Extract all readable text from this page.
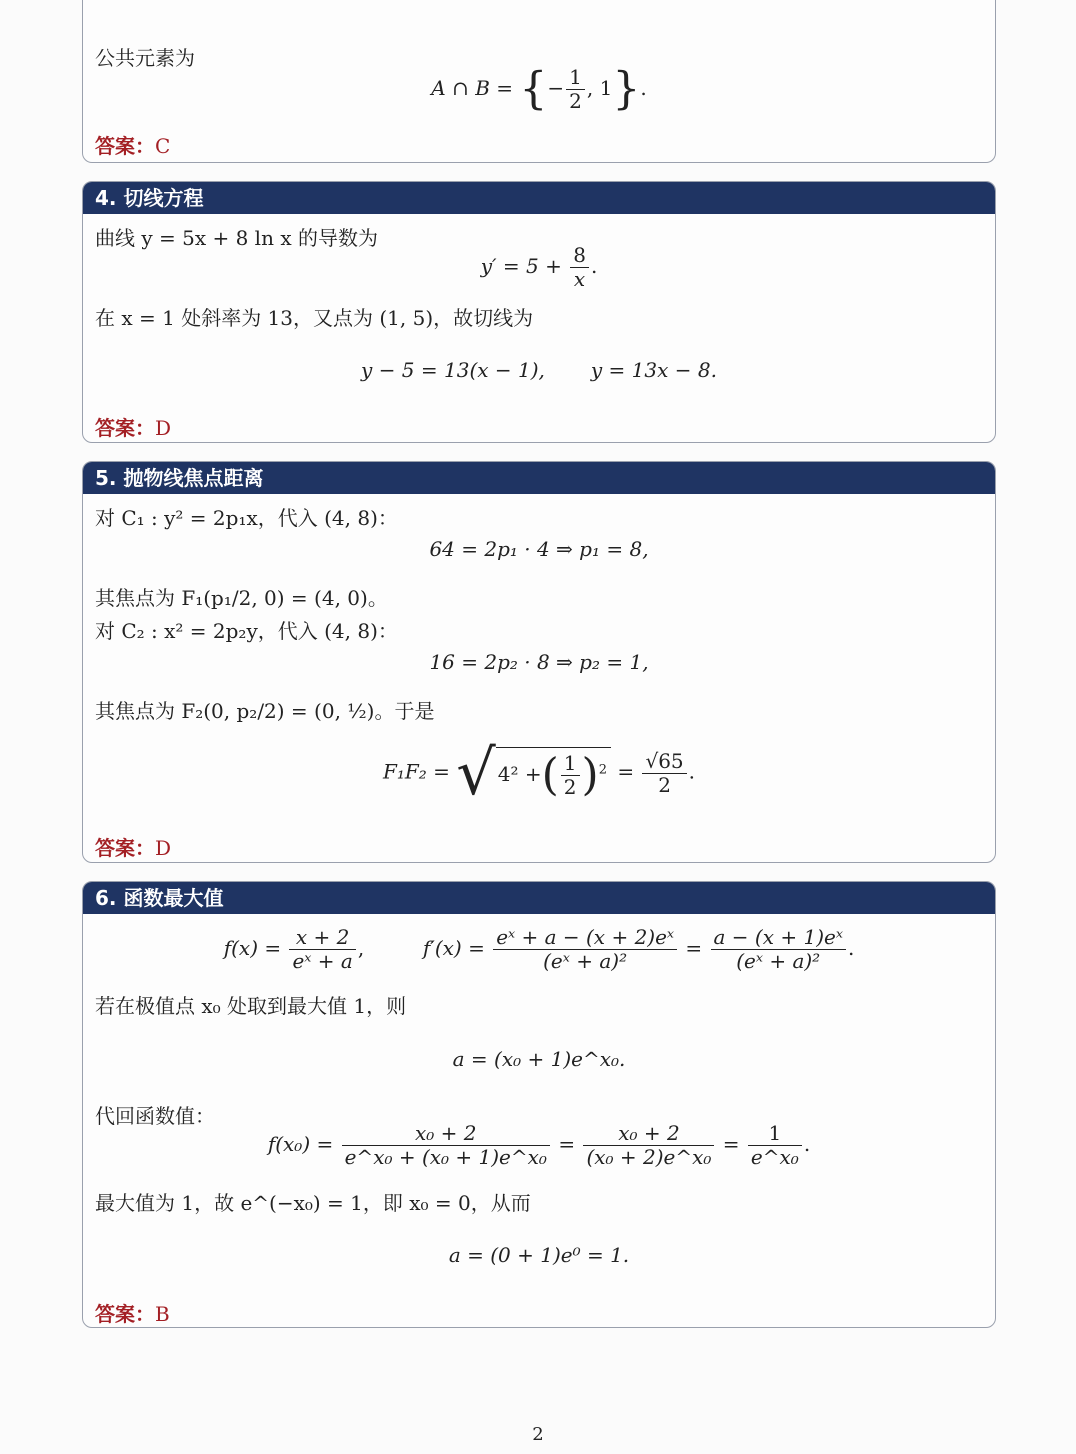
公共元素为
A ∩ B = {− $\frac{1}{2}$ , 1}.
答案：C
4. 切线方程
曲线 y = 5x + 8 ln x 的导数为
$y' = 5 + \frac{8}{x}$ .
在 x = 1 处斜率为 13，又点为 (1, 5)，故切线为
y − 5 = 13(x − 1), y = 13x − 8.
答案：D
5. 抛物线焦点距离
对 C₁ : y² = 2p₁x，代入 (4, 8)：
64 = 2p₁ · 4 ⇒ p₁ = 8,
其焦点为 F₁(p₁/2, 0) = (4, 0)。
对 C₂ : x² = 2p₂y，代入 (4, 8)：
16 = 2p₂ · 8 ⇒ p₂ = 1,
其焦点为 F₂(0, p₂/2) = (0, ½)。于是
F₁F₂ = √ 4² +( $\frac{1}{2} )^2 = \frac{√65}{2}$ .
答案：D
6. 函数最大值
$f(x) = \frac{x + 2}{\text{eˣ + a}}$ ,	$f'(x) = \frac{\text{eˣ + a − (x + 2)eˣ}}{\text{(eˣ + a)²}} = \frac{\text{a − (x + 1)eˣ}}{\text{(eˣ + a)²}}$ .
若在极值点 x₀ 处取到最大值 1，则
a = (x₀ + 1)e^x₀.
代回函数值：
$f(x_0) = \frac{\text{x₀ + 2}}{\text{e\textasciicircum{}x₀ + (x₀ + 1)e\textasciicircum{}x₀}} = \frac{\text{x₀ + 2}}{\text{(x₀ + 2)e\textasciicircum{}x₀}} = \frac{1}{\text{e\textasciicircum{}x₀}}$ .
最大值为 1，故 e^(−x₀) = 1，即 x₀ = 0，从而
a = (0 + 1)e⁰ = 1.
答案：B
2
